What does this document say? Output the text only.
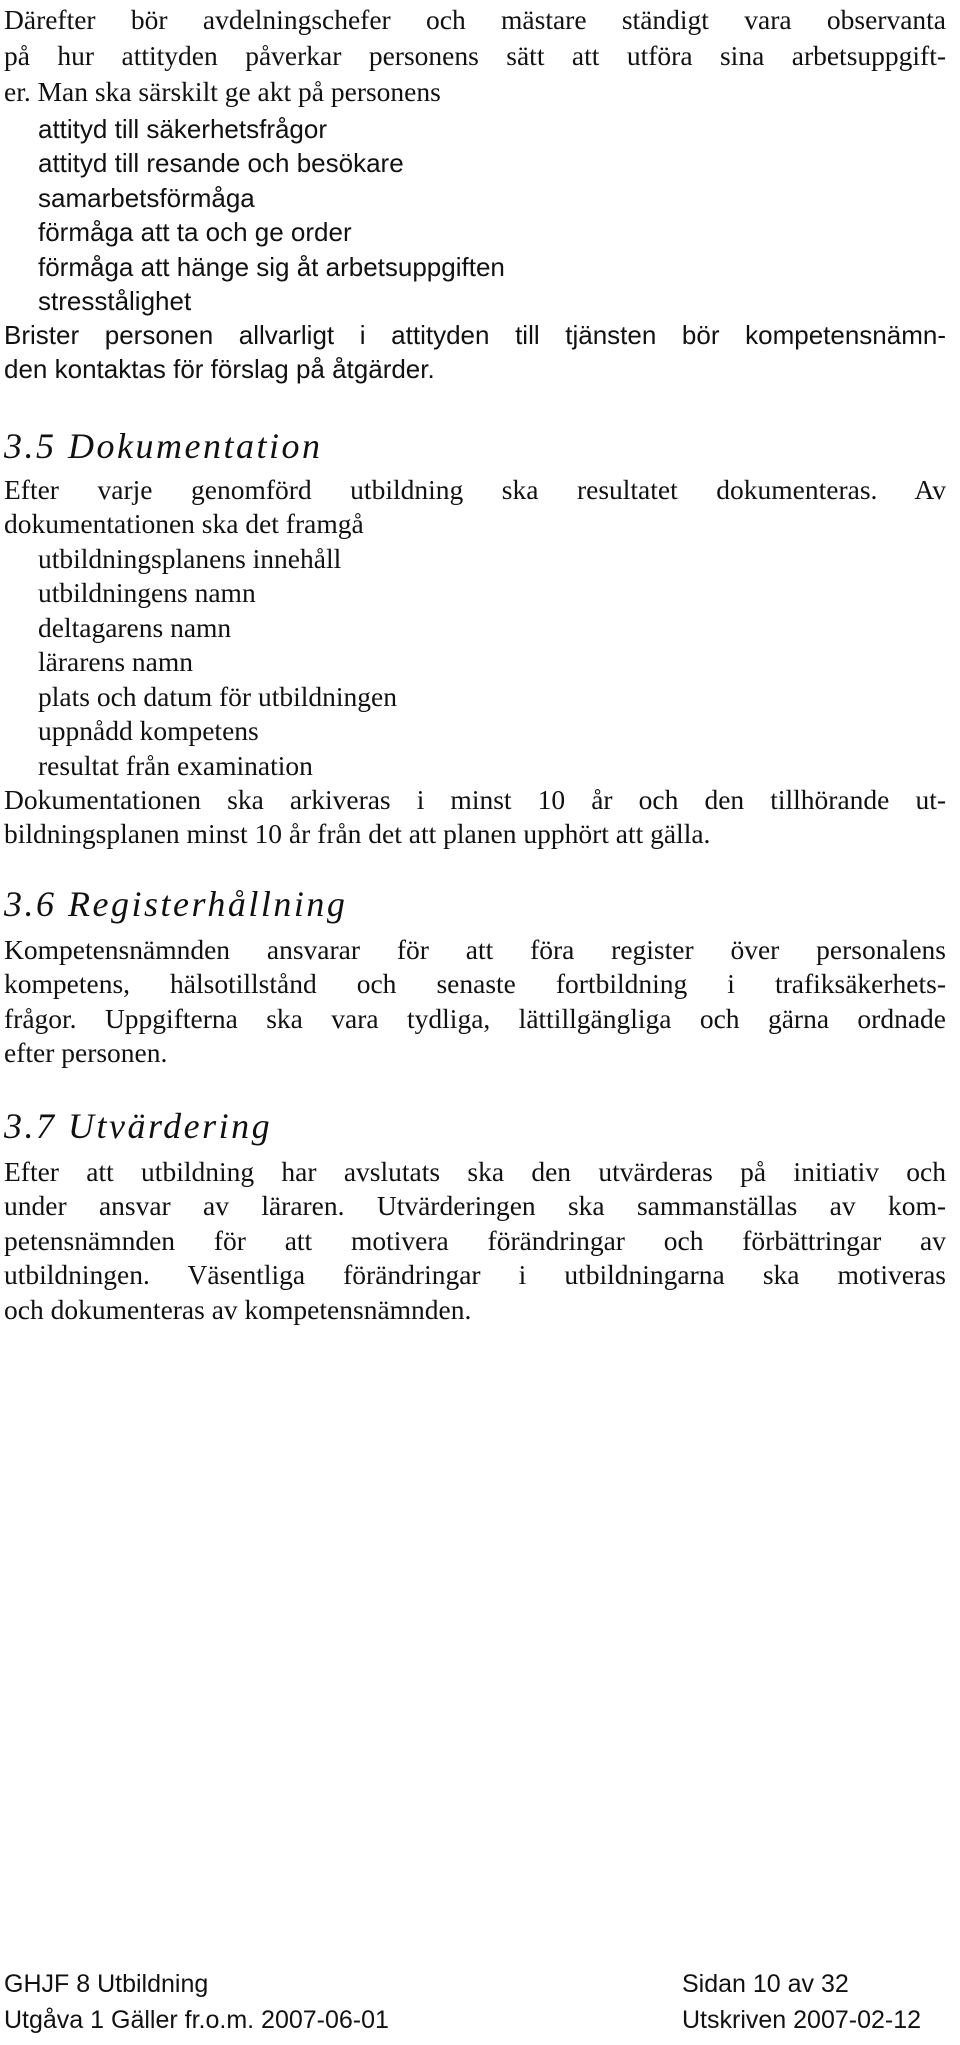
Därefter bör avdelningschefer och mästare ständigt vara observanta
på hur attityden påverkar personens sätt att utföra sina arbetsuppgift-
er. Man ska särskilt ge akt på personens
attityd till säkerhetsfrågor
attityd till resande och besökare
samarbetsförmåga
förmåga att ta och ge order
förmåga att hänge sig åt arbetsuppgiften
stresstålighet
Brister personen allvarligt i attityden till tjänsten bör kompetensnämn-
den kontaktas för förslag på åtgärder.
3.5 Dokumentation
Efter varje genomförd utbildning ska resultatet dokumenteras. Av
dokumentationen ska det framgå
utbildningsplanens innehåll
utbildningens namn
deltagarens namn
lärarens namn
plats och datum för utbildningen
uppnådd kompetens
resultat från examination
Dokumentationen ska arkiveras i minst 10 år och den tillhörande ut-
bildningsplanen minst 10 år från det att planen upphört att gälla.
3.6 Registerhållning
Kompetensnämnden ansvarar för att föra register över personalens
kompetens, hälsotillstånd och senaste fortbildning i trafiksäkerhets-
frågor. Uppgifterna ska vara tydliga, lättillgängliga och gärna ordnade
efter personen.
3.7 Utvärdering
Efter att utbildning har avslutats ska den utvärderas på initiativ och
under ansvar av läraren. Utvärderingen ska sammanställas av kom-
petensnämnden för att motivera förändringar och förbättringar av
utbildningen. Väsentliga förändringar i utbildningarna ska motiveras
och dokumenteras av kompetensnämnden.
GHJF 8 Utbildning	Sidan 10 av 32
Utgåva 1 Gäller fr.o.m. 2007-06-01	Utskriven 2007-02-12
